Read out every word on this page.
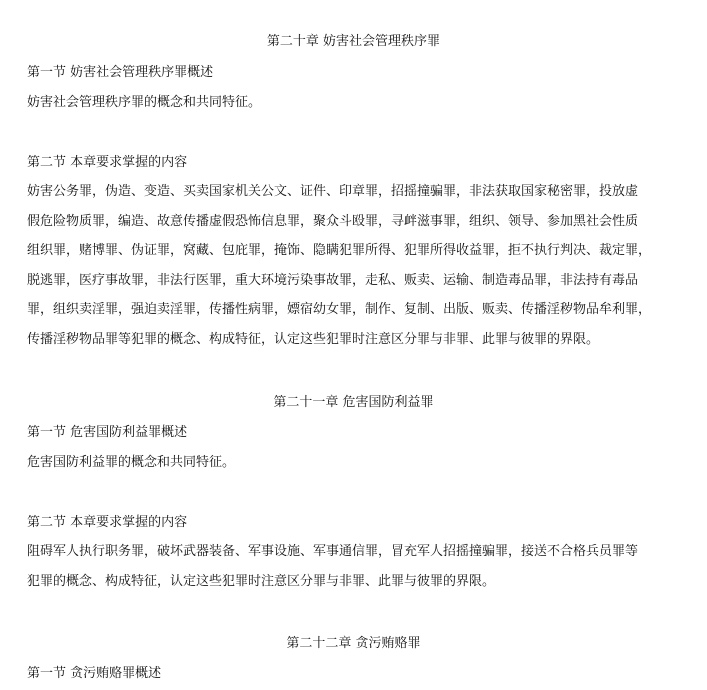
第二十章 妨害社会管理秩序罪
第一节 妨害社会管理秩序罪概述
妨害社会管理秩序罪的概念和共同特征。
第二节 本章要求掌握的内容
妨害公务罪，伪造、变造、买卖国家机关公文、证件、印章罪，招摇撞骗罪，非法获取国家秘密罪，投放虚
假危险物质罪，编造、故意传播虚假恐怖信息罪，聚众斗殴罪，寻衅滋事罪，组织、领导、参加黑社会性质
组织罪，赌博罪、伪证罪，窝藏、包庇罪，掩饰、隐瞒犯罪所得、犯罪所得收益罪，拒不执行判决、裁定罪，
脱逃罪，医疗事故罪，非法行医罪，重大环境污染事故罪，走私、贩卖、运输、制造毒品罪，非法持有毒品
罪，组织卖淫罪，强迫卖淫罪，传播性病罪，嫖宿幼女罪，制作、复制、出版、贩卖、传播淫秽物品牟利罪，
传播淫秽物品罪等犯罪的概念、构成特征，认定这些犯罪时注意区分罪与非罪、此罪与彼罪的界限。
第二十一章 危害国防利益罪
第一节 危害国防利益罪概述
危害国防利益罪的概念和共同特征。
第二节 本章要求掌握的内容
阻碍军人执行职务罪，破坏武器装备、军事设施、军事通信罪，冒充军人招摇撞骗罪，接送不合格兵员罪等
犯罪的概念、构成特征，认定这些犯罪时注意区分罪与非罪、此罪与彼罪的界限。
第二十二章 贪污贿赂罪
第一节 贪污贿赂罪概述
